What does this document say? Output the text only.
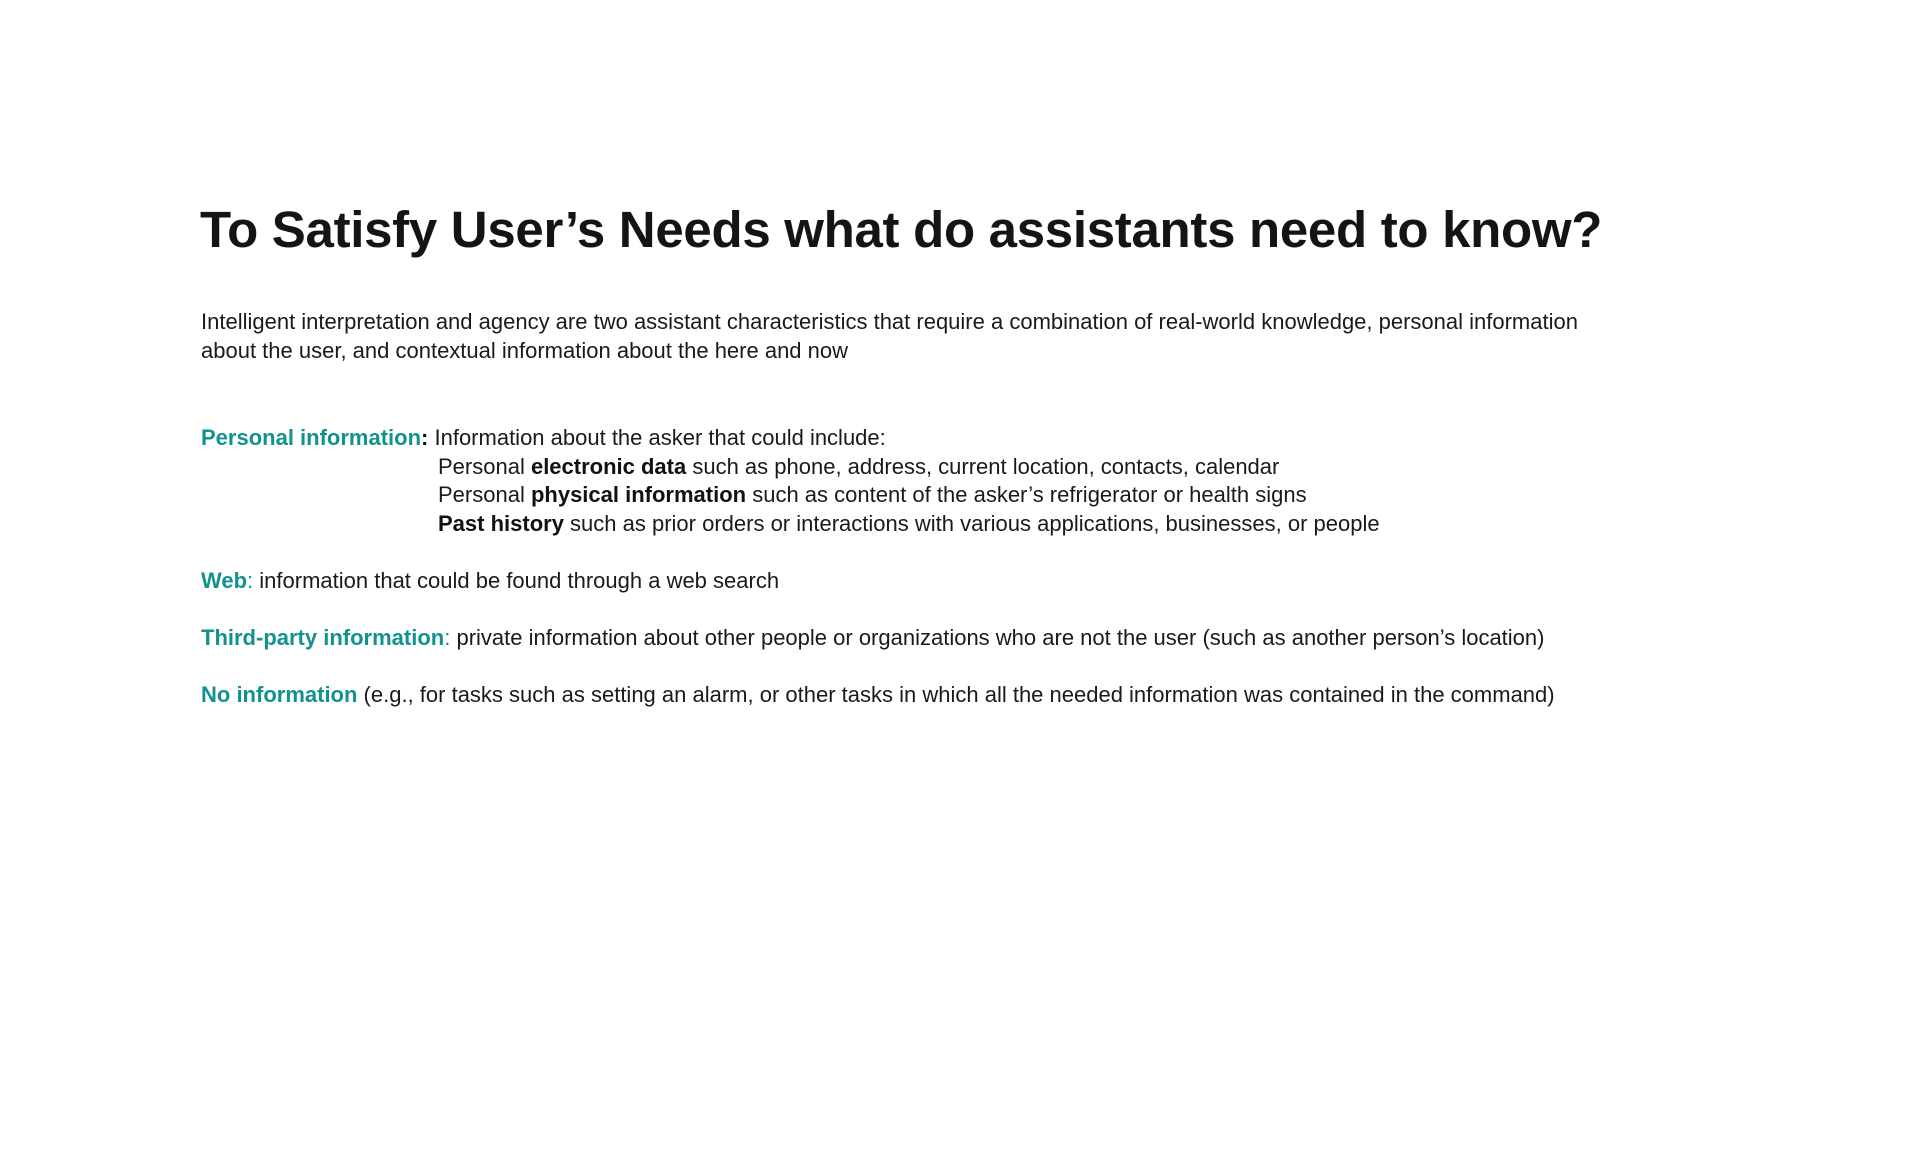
To Satisfy User’s Needs what do assistants need to know?

Intelligent interpretation and agency are two assistant characteristics that require a combination of real-world knowledge, personal information about the user, and contextual information about the here and now

Personal information: Information about the asker that could include:

Personal electronic data such as phone, address, current location, contacts, calendar

Personal physical information such as content of the asker’s refrigerator or health signs

Past history such as prior orders or interactions with various applications, businesses, or people

Web: information that could be found through a web search

Third-party information: private information about other people or organizations who are not the user (such as another person’s location)

No information (e.g., for tasks such as setting an alarm, or other tasks in which all the needed information was contained in the command)
